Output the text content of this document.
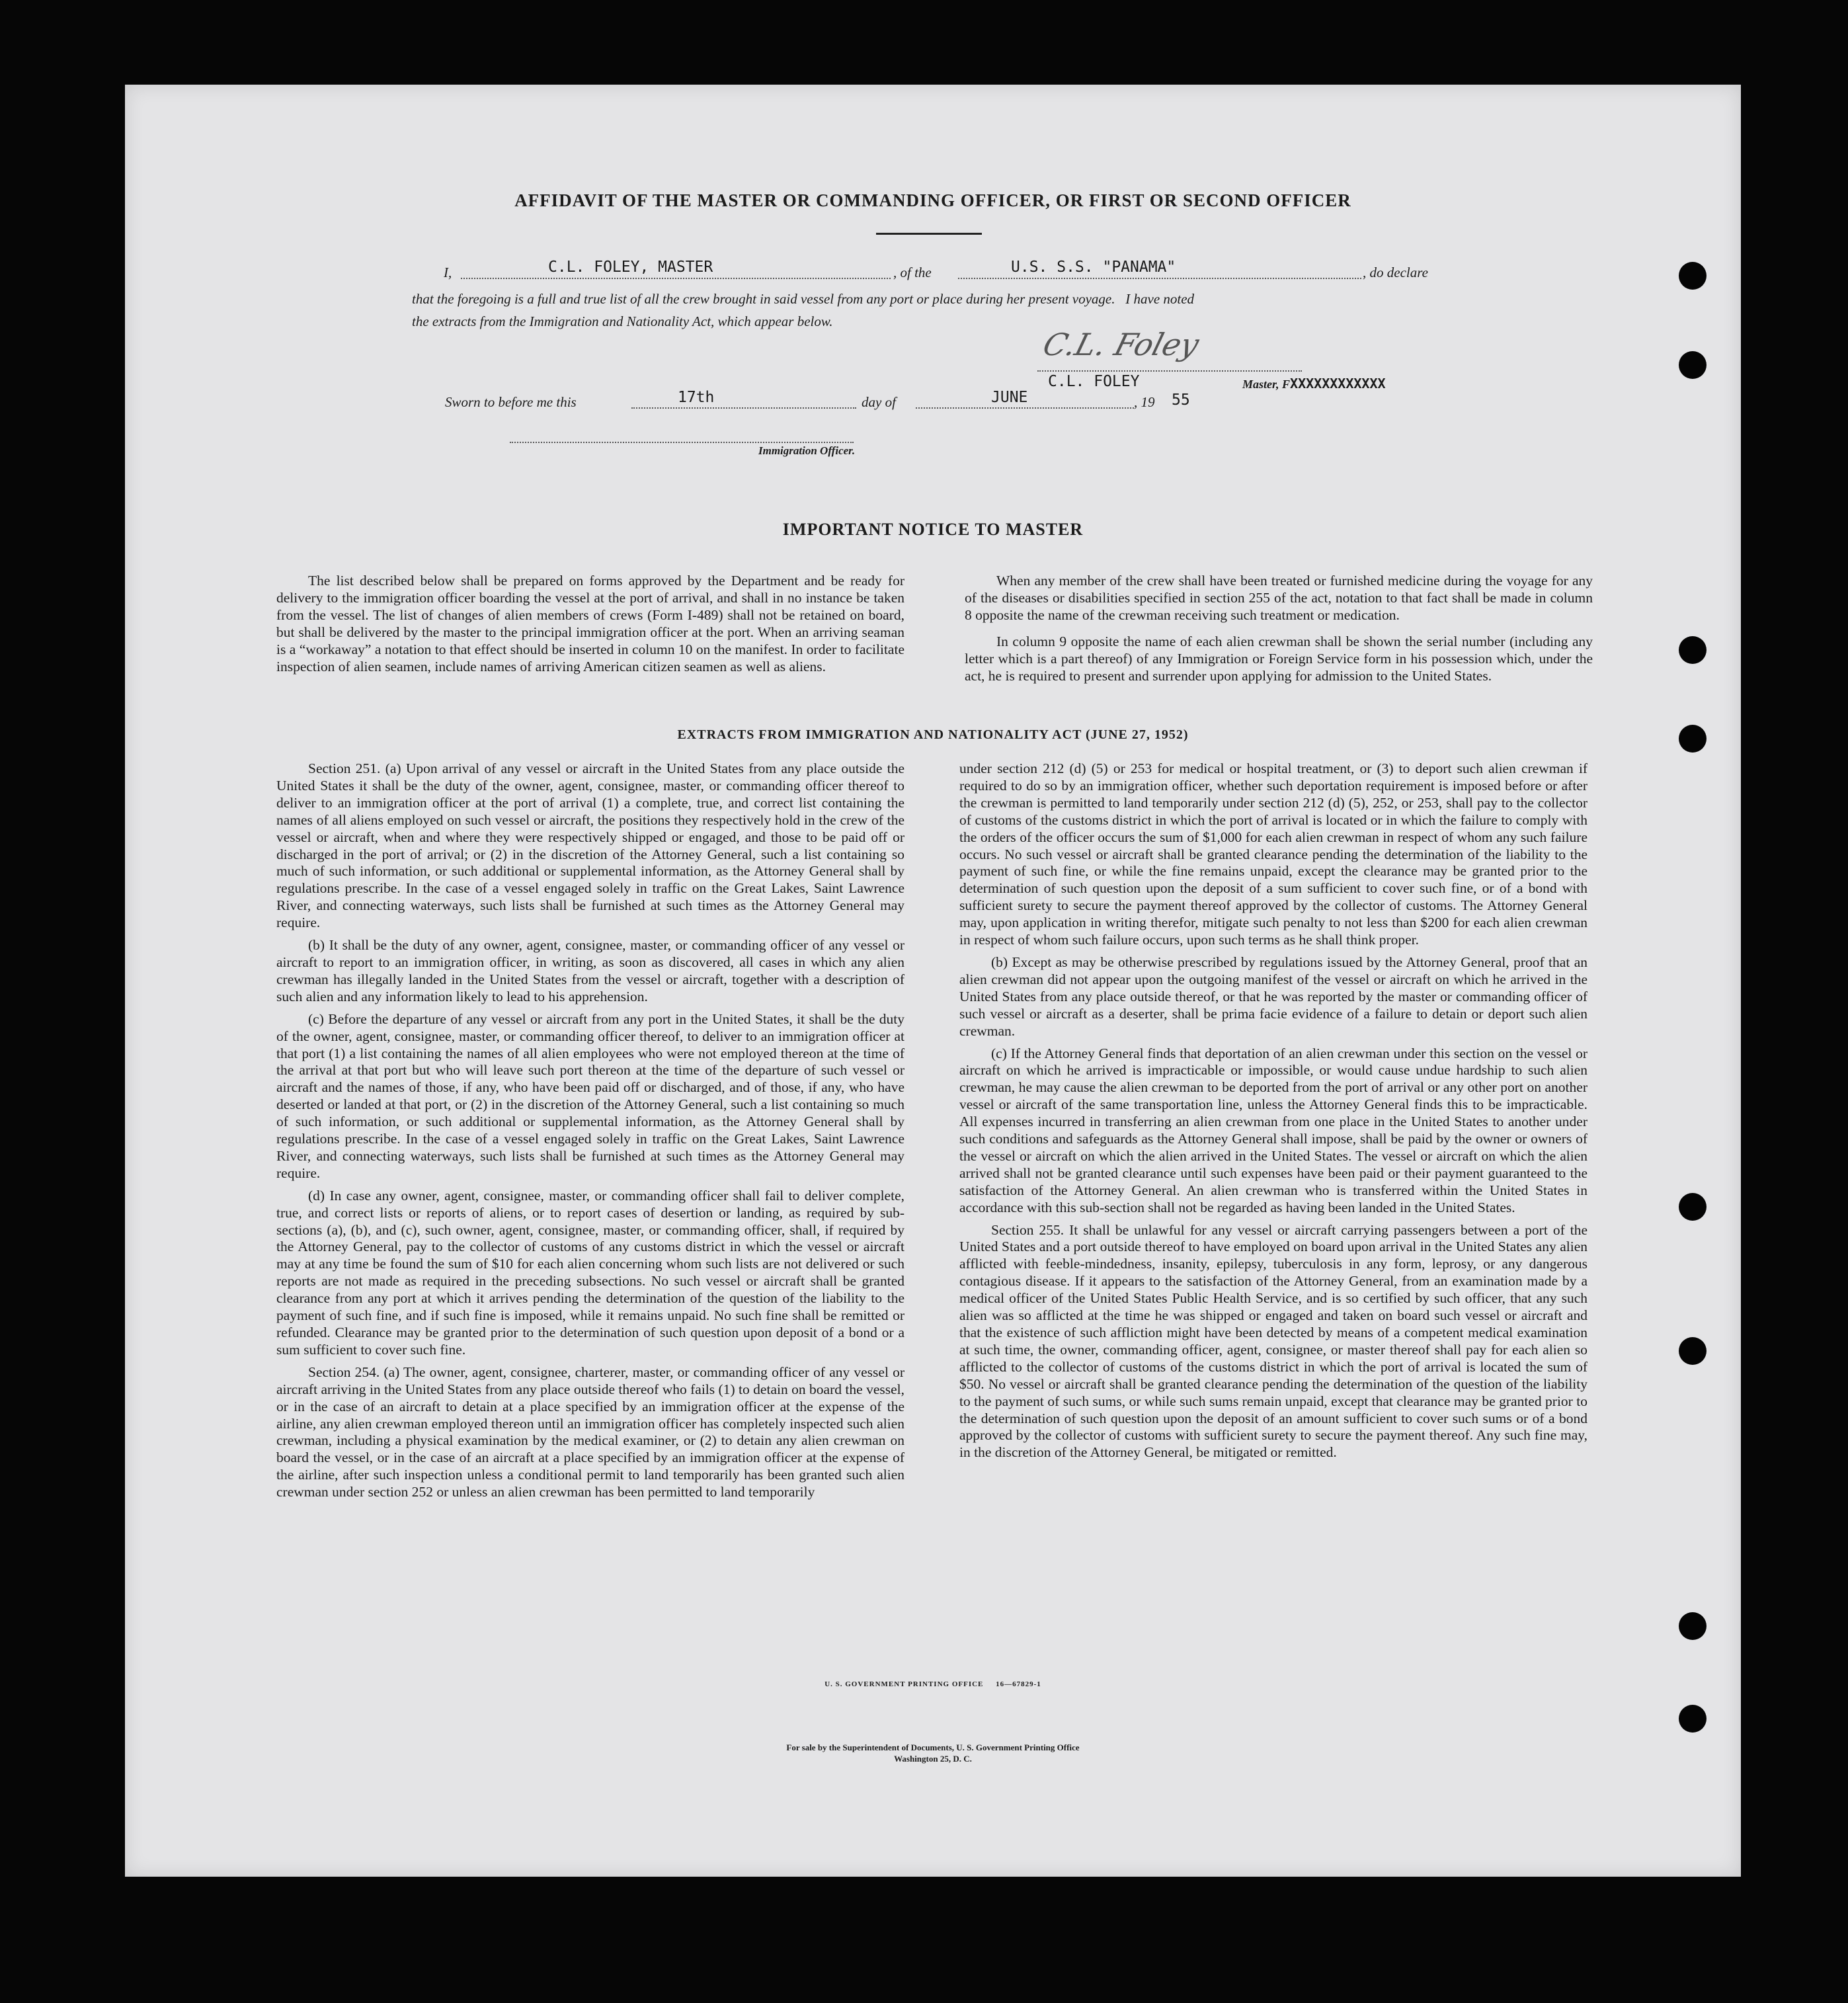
AFFIDAVIT OF THE MASTER OR COMMANDING OFFICER, OR FIRST OR SECOND OFFICER
I,	C.L. FOLEY, MASTER	, of the	U.S. S.S. "PANAMA"	, do declare
that the foregoing is a full and true list of all the crew brought in said vessel from any port or place during her present voyage.   I have noted
the extracts from the Immigration and Nationality Act, which appear below.
C.L. Foley
C.L. FOLEY	Master, FXXXXXXXXXXXX
Sworn to before me this	17th	day of	JUNE	, 19 55
Immigration Officer.
IMPORTANT NOTICE TO MASTER

The list described below shall be prepared on forms approved by the Department and be ready for delivery to the immigration officer boarding the vessel at the port of arrival, and shall in no instance be taken from the vessel. The list of changes of alien members of crews (Form I-489) shall not be retained on board, but shall be delivered by the master to the principal immigration officer at the port. When an arriving seaman is a “workaway” a notation to that effect should be inserted in column 10 on the manifest. In order to facilitate inspection of alien seamen, include names of arriving American citizen seamen as well as aliens.

When any member of the crew shall have been treated or furnished medicine during the voyage for any of the diseases or disabilities specified in section 255 of the act, notation to that fact shall be made in column 8 opposite the name of the crewman receiving such treatment or medication.

In column 9 opposite the name of each alien crewman shall be shown the serial number (including any letter which is a part thereof) of any Immigration or Foreign Service form in his possession which, under the act, he is required to present and surrender upon applying for admission to the United States.

EXTRACTS FROM IMMIGRATION AND NATIONALITY ACT (JUNE 27, 1952)

Section 251. (a) Upon arrival of any vessel or aircraft in the United States from any place outside the United States it shall be the duty of the owner, agent, consignee, master, or commanding officer thereof to deliver to an immigration officer at the port of arrival (1) a complete, true, and correct list containing the names of all aliens employed on such vessel or aircraft, the positions they respectively hold in the crew of the vessel or aircraft, when and where they were respectively shipped or engaged, and those to be paid off or discharged in the port of arrival; or (2) in the discretion of the Attorney General, such a list containing so much of such information, or such additional or supplemental information, as the Attorney General shall by regulations prescribe. In the case of a vessel engaged solely in traffic on the Great Lakes, Saint Lawrence River, and connecting waterways, such lists shall be furnished at such times as the Attorney General may require.

(b) It shall be the duty of any owner, agent, consignee, master, or commanding officer of any vessel or aircraft to report to an immigration officer, in writing, as soon as discovered, all cases in which any alien crewman has illegally landed in the United States from the vessel or aircraft, together with a description of such alien and any information likely to lead to his apprehension.

(c) Before the departure of any vessel or aircraft from any port in the United States, it shall be the duty of the owner, agent, consignee, master, or commanding officer thereof, to deliver to an immigration officer at that port (1) a list containing the names of all alien employees who were not employed thereon at the time of the arrival at that port but who will leave such port thereon at the time of the departure of such vessel or aircraft and the names of those, if any, who have been paid off or discharged, and of those, if any, who have deserted or landed at that port, or (2) in the discretion of the Attorney General, such a list containing so much of such information, or such additional or supplemental information, as the Attorney General shall by regulations prescribe. In the case of a vessel engaged solely in traffic on the Great Lakes, Saint Lawrence River, and connecting waterways, such lists shall be furnished at such times as the Attorney General may require.

(d) In case any owner, agent, consignee, master, or commanding officer shall fail to deliver complete, true, and correct lists or reports of aliens, or to report cases of desertion or landing, as required by sub-sections (a), (b), and (c), such owner, agent, consignee, master, or commanding officer, shall, if required by the Attorney General, pay to the collector of customs of any customs district in which the vessel or aircraft may at any time be found the sum of $10 for each alien concerning whom such lists are not delivered or such reports are not made as required in the preceding subsections. No such vessel or aircraft shall be granted clearance from any port at which it arrives pending the determination of the question of the liability to the payment of such fine, and if such fine is imposed, while it remains unpaid. No such fine shall be remitted or refunded. Clearance may be granted prior to the determination of such question upon deposit of a bond or a sum sufficient to cover such fine.

Section 254. (a) The owner, agent, consignee, charterer, master, or commanding officer of any vessel or aircraft arriving in the United States from any place outside thereof who fails (1) to detain on board the vessel, or in the case of an aircraft to detain at a place specified by an immigration officer at the expense of the airline, any alien crewman employed thereon until an immigration officer has completely inspected such alien crewman, including a physical examination by the medical examiner, or (2) to detain any alien crewman on board the vessel, or in the case of an aircraft at a place specified by an immigration officer at the expense of the airline, after such inspection unless a conditional permit to land temporarily has been granted such alien crewman under section 252 or unless an alien crewman has been permitted to land temporarily

under section 212 (d) (5) or 253 for medical or hospital treatment, or (3) to deport such alien crewman if required to do so by an immigration officer, whether such deportation requirement is imposed before or after the crewman is permitted to land temporarily under section 212 (d) (5), 252, or 253, shall pay to the collector of customs of the customs district in which the port of arrival is located or in which the failure to comply with the orders of the officer occurs the sum of $1,000 for each alien crewman in respect of whom any such failure occurs. No such vessel or aircraft shall be granted clearance pending the determination of the liability to the payment of such fine, or while the fine remains unpaid, except the clearance may be granted prior to the determination of such question upon the deposit of a sum sufficient to cover such fine, or of a bond with sufficient surety to secure the payment thereof approved by the collector of customs. The Attorney General may, upon application in writing therefor, mitigate such penalty to not less than $200 for each alien crewman in respect of whom such failure occurs, upon such terms as he shall think proper.

(b) Except as may be otherwise prescribed by regulations issued by the Attorney General, proof that an alien crewman did not appear upon the outgoing manifest of the vessel or aircraft on which he arrived in the United States from any place outside thereof, or that he was reported by the master or commanding officer of such vessel or aircraft as a deserter, shall be prima facie evidence of a failure to detain or deport such alien crewman.

(c) If the Attorney General finds that deportation of an alien crewman under this section on the vessel or aircraft on which he arrived is impracticable or impossible, or would cause undue hardship to such alien crewman, he may cause the alien crewman to be deported from the port of arrival or any other port on another vessel or aircraft of the same transportation line, unless the Attorney General finds this to be impracticable. All expenses incurred in transferring an alien crewman from one place in the United States to another under such conditions and safeguards as the Attorney General shall impose, shall be paid by the owner or owners of the vessel or aircraft on which the alien arrived in the United States. The vessel or aircraft on which the alien arrived shall not be granted clearance until such expenses have been paid or their payment guaranteed to the satisfaction of the Attorney General. An alien crewman who is transferred within the United States in accordance with this sub-section shall not be regarded as having been landed in the United States.

Section 255. It shall be unlawful for any vessel or aircraft carrying passengers between a port of the United States and a port outside thereof to have employed on board upon arrival in the United States any alien afflicted with feeble-mindedness, insanity, epilepsy, tuberculosis in any form, leprosy, or any dangerous contagious disease. If it appears to the satisfaction of the Attorney General, from an examination made by a medical officer of the United States Public Health Service, and is so certified by such officer, that any such alien was so afflicted at the time he was shipped or engaged and taken on board such vessel or aircraft and that the existence of such affliction might have been detected by means of a competent medical examination at such time, the owner, commanding officer, agent, consignee, or master thereof shall pay for each alien so afflicted to the collector of customs of the customs district in which the port of arrival is located the sum of $50. No vessel or aircraft shall be granted clearance pending the determination of the question of the liability to the payment of such sums, or while such sums remain unpaid, except that clearance may be granted prior to the determination of such question upon the deposit of an amount sufficient to cover such sums or of a bond approved by the collector of customs with sufficient surety to secure the payment thereof. Any such fine may, in the discretion of the Attorney General, be mitigated or remitted.

U. S. GOVERNMENT PRINTING OFFICE     16—67829-1
For sale by the Superintendent of Documents, U. S. Government Printing Office
Washington 25, D. C.
